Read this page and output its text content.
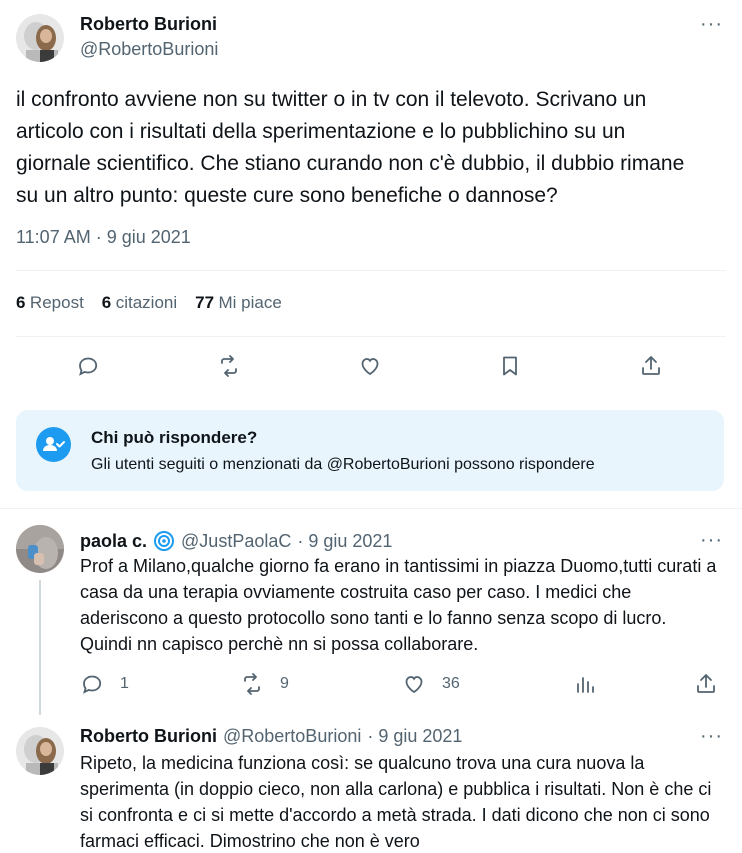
Roberto Burioni
@RobertoBurioni
···
il confronto avviene non su twitter o in tv con il televoto. Scrivano un articolo con i risultati della sperimentazione e lo pubblichino su un giornale scientifico. Che stiano curando non c'è dubbio, il dubbio rimane su un altro punto: queste cure sono benefiche o dannose?
11:07 AM · 9 giu 2021
6 Repost 6 citazioni 77 Mi piace
Chi può rispondere?
Gli utenti seguiti o menzionati da @RobertoBurioni possono rispondere
paola c. @JustPaolaC · 9 giu 2021	···
Prof a Milano,qualche giorno fa erano in tantissimi in piazza Duomo,tutti curati a casa da una terapia ovviamente costruita caso per caso. I medici che aderiscono a questo protocollo sono tanti e lo fanno senza scopo di lucro. Quindi nn capisco perchè nn si possa collaborare.
1	9	36
Roberto Burioni @RobertoBurioni · 9 giu 2021	···
Ripeto, la medicina funziona così: se qualcuno trova una cura nuova la sperimenta (in doppio cieco, non alla carlona) e pubblica i risultati. Non è che ci si confronta e ci si mette d'accordo a metà strada. I dati dicono che non ci sono farmaci efficaci. Dimostrino che non è vero
